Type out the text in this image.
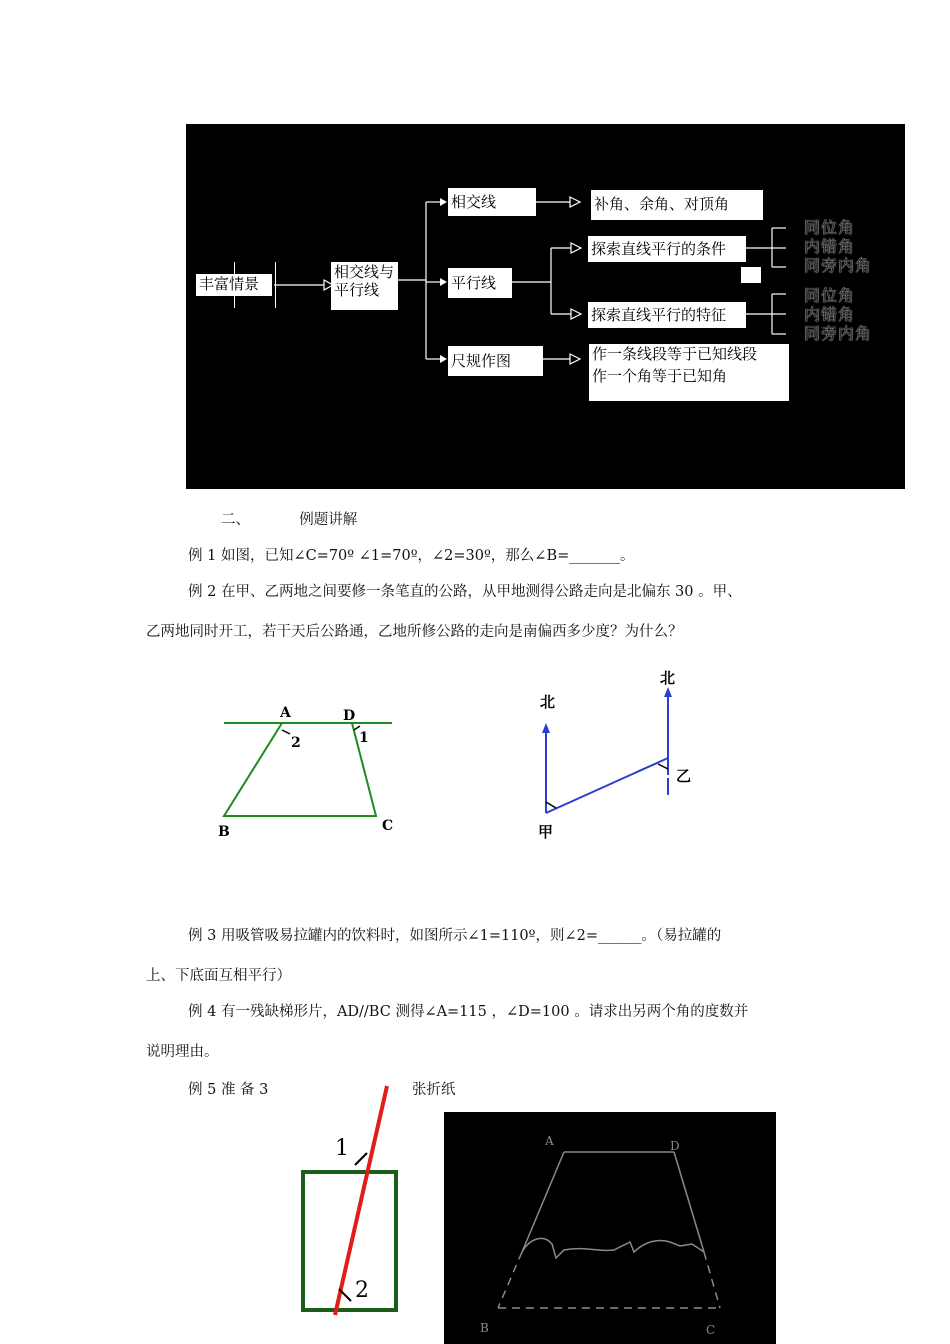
丰富情景
相交线与
平行线
相交线
平行线
尺规作图
补角、余角、对顶角
探索直线平行的条件
探索直线平行的特征
作一条线段等于已知线段
作一个角等于已知角
同位角
内错角
同旁内角
同位角
内错角
同旁内角
二、	例题讲解
例 1 如图，已知∠C=70º ∠1=70º，∠2=30º，那么∠B=_______。
例 2 在甲、乙两地之间要修一条笔直的公路，从甲地测得公路走向是北偏东 30 。甲、
乙两地同时开工，若干天后公路通，乙地所修公路的走向是南偏西多少度？为什么？
A	D
2	1
B	C
北
北
甲
乙
例 3 用吸管吸易拉罐内的饮料时，如图所示∠1=110º，则∠2=______。（易拉罐的
上、下底面互相平行）
例 4 有一残缺梯形片，AD//BC 测得∠A=115 ，∠D=100 。请求出另两个角的度数并
说明理由。
例 5 准 备 3	张折纸
1
2
A	D
B	C
